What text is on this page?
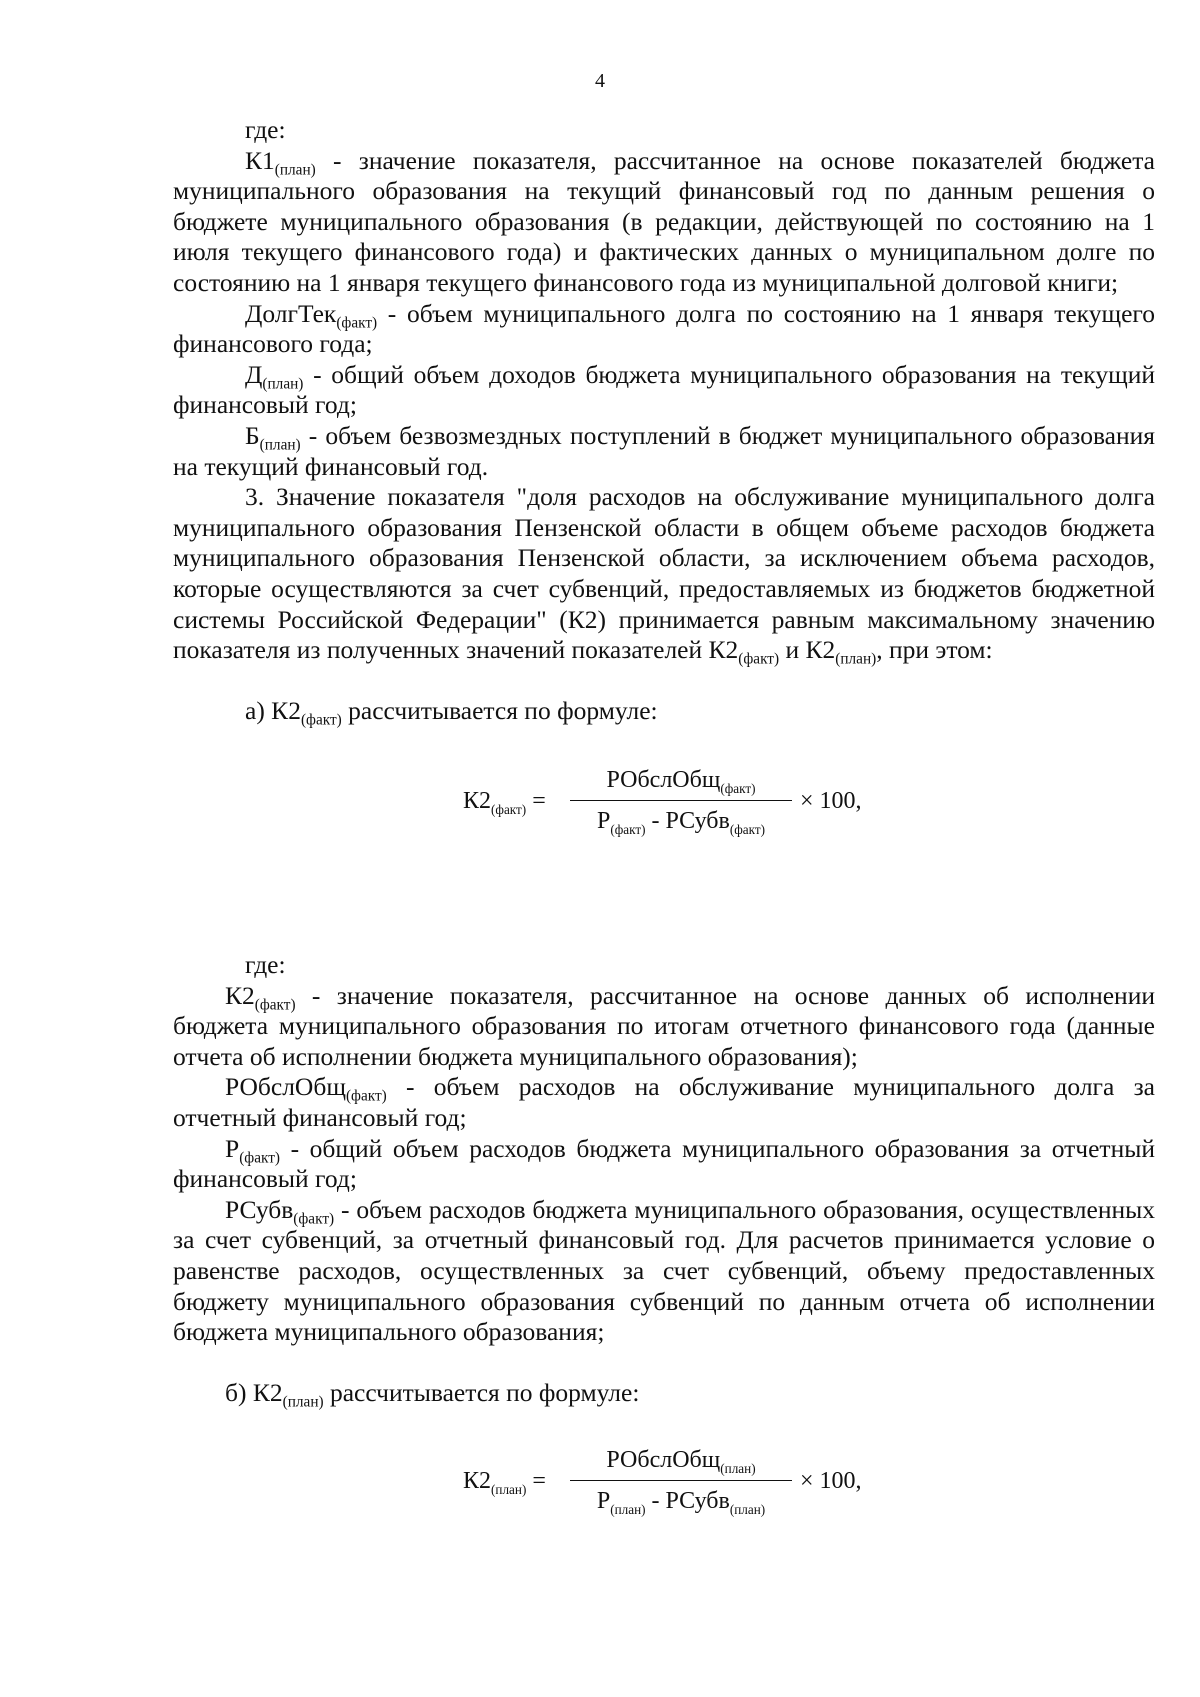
4

где:

$К1_{(план)}$ - значение показателя, рассчитанное на основе показателей бюджета муниципального образования на текущий финансовый год по данным решения о бюджете муниципального образования (в редакции, действующей по состоянию на 1 июля текущего финансового года) и фактических данных о муниципальном долге по состоянию на 1 января текущего финансового года из муниципальной долговой книги;

ДолгТек$_{(факт)}$ - объем муниципального долга по состоянию на 1 января текущего финансового года;

$Д_{(план)}$ - общий объем доходов бюджета муниципального образования на текущий финансовый год;

$Б_{(план)}$ - объем безвозмездных поступлений в бюджет муниципального образования на текущий финансовый год.

3. Значение показателя "доля расходов на обслуживание муниципального долга муниципального образования Пензенской области в общем объеме расходов бюджета муниципального образования Пензенской области, за исключением объема расходов, которые осуществляются за счет субвенций, предоставляемых из бюджетов бюджетной системы Российской Федерации" (К2) принимается равным максимальному значению показателя из полученных значений показателей $К2_{(факт)}$ и $К2_{(план)}$, при этом:

а) $К2_{(факт)}$ рассчитывается по формуле:

$К2_{(факт)}$ =
РОбслОбщ$_{(факт)}$
$Р_{(факт)}$ - РСубв$_{(факт)}$
× 100,

где:

$К2_{(факт)}$ - значение показателя, рассчитанное на основе данных об исполнении бюджета муниципального образования по итогам отчетного финансового года (данные отчета об исполнении бюджета муниципального образования);

РОбслОбщ$_{(факт)}$ - объем расходов на обслуживание муниципального долга за отчетный финансовый год;

$Р_{(факт)}$ - общий объем расходов бюджета муниципального образования за отчетный финансовый год;

РСубв$_{(факт)}$ - объем расходов бюджета муниципального образования, осуществленных за счет субвенций, за отчетный финансовый год. Для расчетов принимается условие о равенстве расходов, осуществленных за счет субвенций, объему предоставленных бюджету муниципального образования субвенций по данным отчета об исполнении бюджета муниципального образования;

б) $К2_{(план)}$ рассчитывается по формуле:

$К2_{(план)}$ =
РОбслОбщ$_{(план)}$
$Р_{(план)}$ - РСубв$_{(план)}$
× 100,
